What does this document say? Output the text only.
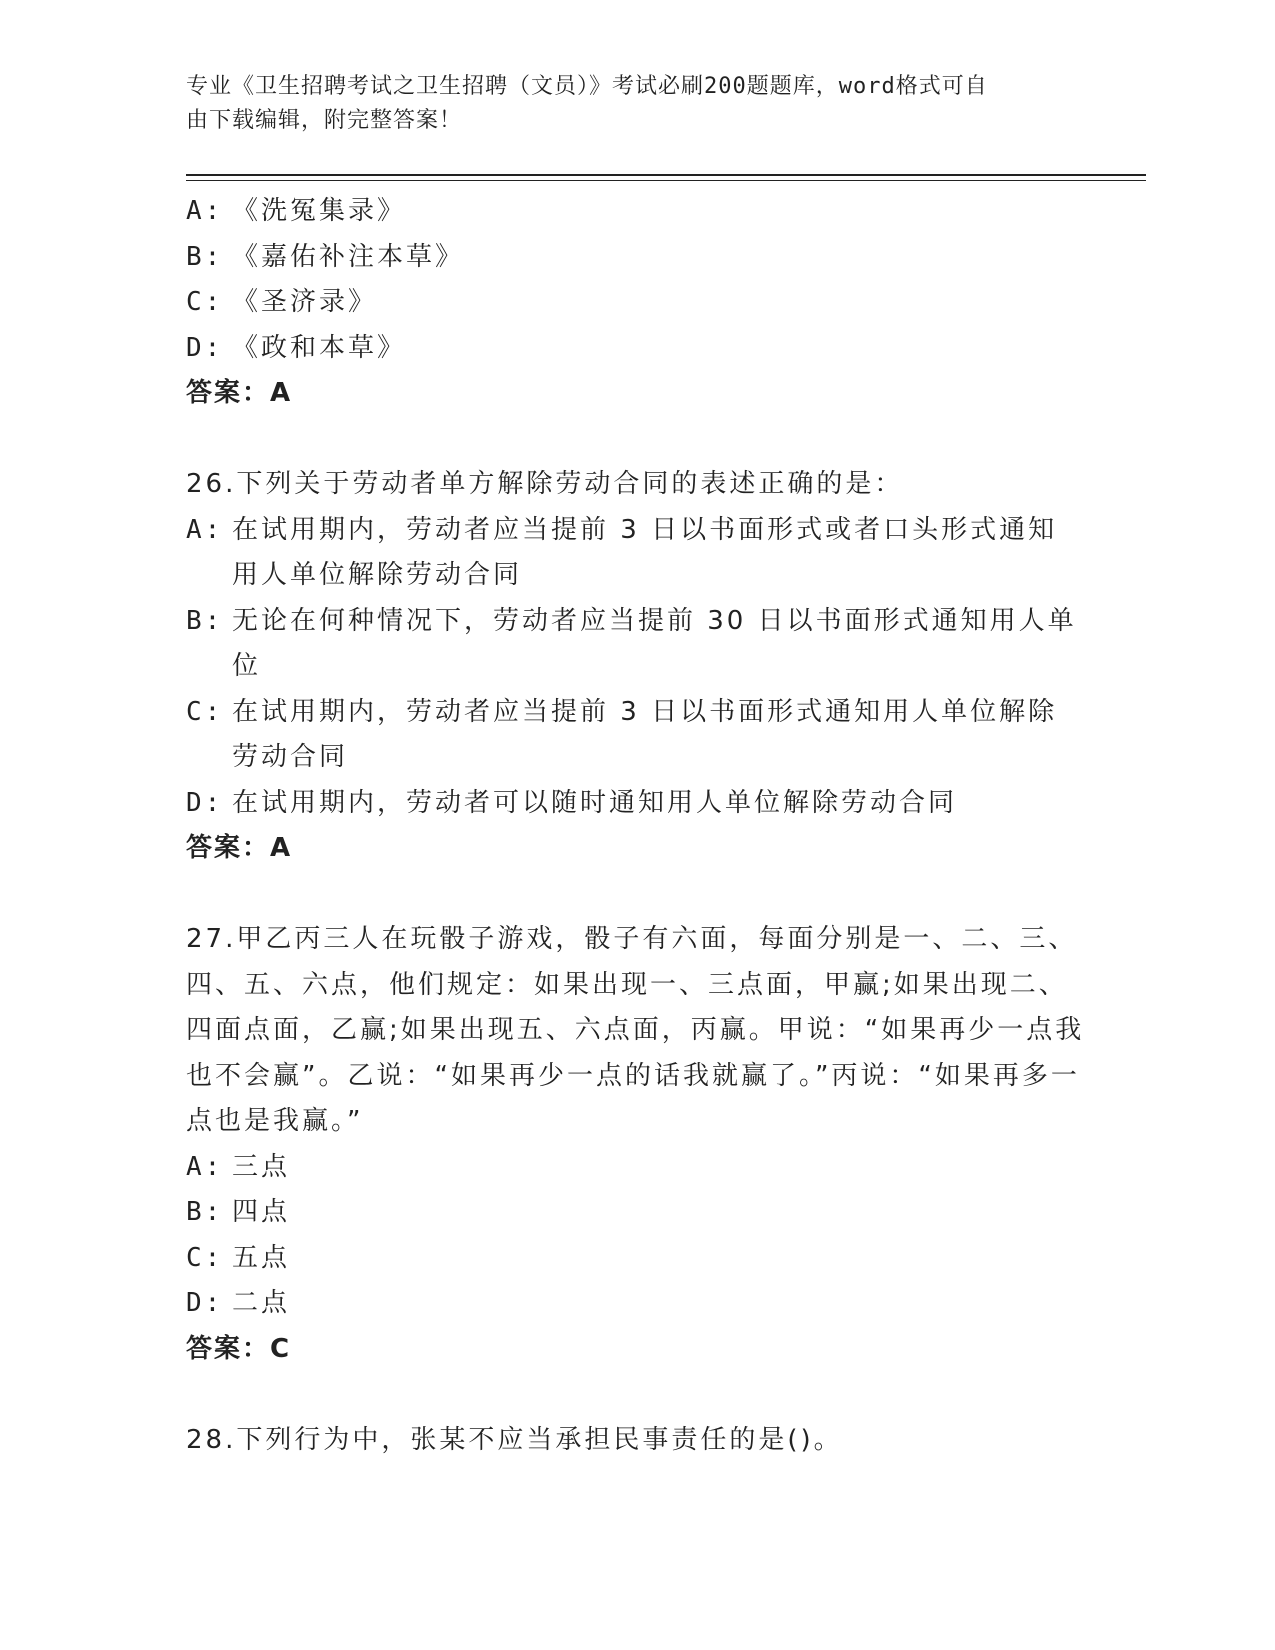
专业《卫生招聘考试之卫生招聘（文员）》考试必刷200题题库，word格式可自
由下载编辑，附完整答案！
A: 《洗冤集录》
B: 《嘉佑补注本草》
C: 《圣济录》
D: 《政和本草》
答案：A
26.下列关于劳动者单方解除劳动合同的表述正确的是：
A: 在试用期内，劳动者应当提前 3 日以书面形式或者口头形式通知用人单位解除劳动合同
B: 无论在何种情况下，劳动者应当提前 30 日以书面形式通知用人单位
C: 在试用期内，劳动者应当提前 3 日以书面形式通知用人单位解除劳动合同
D: 在试用期内，劳动者可以随时通知用人单位解除劳动合同
答案：A
27.甲乙丙三人在玩骰子游戏，骰子有六面，每面分别是一、二、三、四、五、六点，他们规定：如果出现一、三点面，甲赢;如果出现二、四面点面，乙赢;如果出现五、六点面，丙赢。甲说：“如果再少一点我也不会赢”。乙说：“如果再少一点的话我就赢了。”丙说：“如果再多一点也是我赢。”
A: 三点
B: 四点
C: 五点
D: 二点
答案：C
28.下列行为中，张某不应当承担民事责任的是()。
